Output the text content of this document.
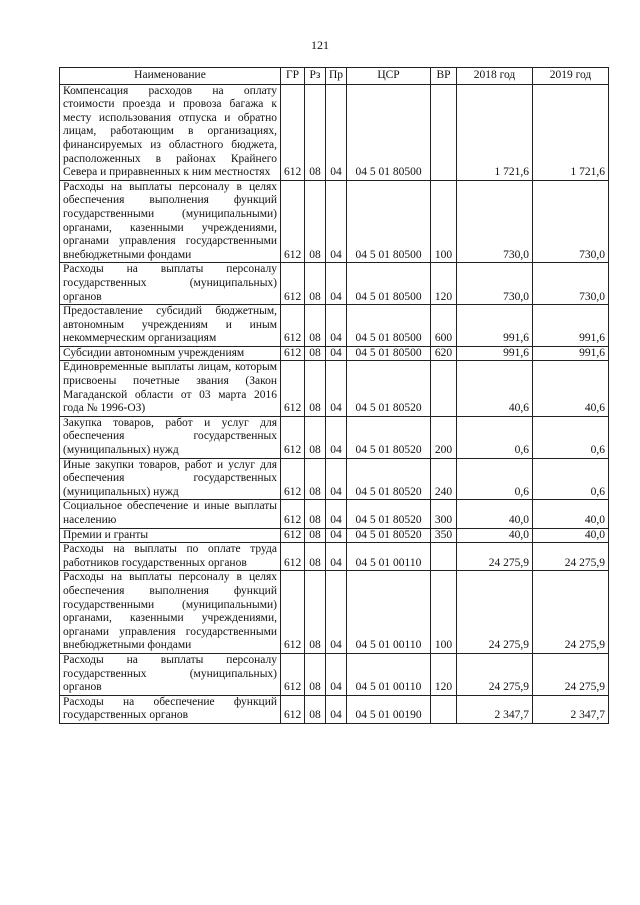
121
Наименование	ГР	Рз	Пр	ЦСР	ВР	2018 год	2019 год
Компенсация расходов на оплату стоимости проезда и провоза багажа к месту использования отпуска и обратно лицам, работающим в организациях, финансируемых из областного бюджета, расположенных в районах Крайнего Севера и приравненных к ним местностях	612	08	04	04 5 01 80500		1 721,6	1 721,6
Расходы на выплаты персоналу в целях обеспечения выполнения функций государственными (муниципальными) органами, казенными учреждениями, органами управления государственными внебюджетными фондами	612	08	04	04 5 01 80500	100	730,0	730,0
Расходы на выплаты персоналу государственных (муниципальных) органов	612	08	04	04 5 01 80500	120	730,0	730,0
Предоставление субсидий бюджетным, автономным учреждениям и иным некоммерческим организациям	612	08	04	04 5 01 80500	600	991,6	991,6
Субсидии автономным учреждениям	612	08	04	04 5 01 80500	620	991,6	991,6
Единовременные выплаты лицам, которым присвоены почетные звания (Закон Магаданской области от 03 марта 2016 года № 1996-ОЗ)	612	08	04	04 5 01 80520		40,6	40,6
Закупка товаров, работ и услуг для обеспечения государственных (муниципальных) нужд	612	08	04	04 5 01 80520	200	0,6	0,6
Иные закупки товаров, работ и услуг для обеспечения государственных (муниципальных) нужд	612	08	04	04 5 01 80520	240	0,6	0,6
Социальное обеспечение и иные выплаты населению	612	08	04	04 5 01 80520	300	40,0	40,0
Премии и гранты	612	08	04	04 5 01 80520	350	40,0	40,0
Расходы на выплаты по оплате труда работников государственных органов	612	08	04	04 5 01 00110		24 275,9	24 275,9
Расходы на выплаты персоналу в целях обеспечения выполнения функций государственными (муниципальными) органами, казенными учреждениями, органами управления государственными внебюджетными фондами	612	08	04	04 5 01 00110	100	24 275,9	24 275,9
Расходы на выплаты персоналу государственных (муниципальных) органов	612	08	04	04 5 01 00110	120	24 275,9	24 275,9
Расходы на обеспечение функций государственных органов	612	08	04	04 5 01 00190		2 347,7	2 347,7
